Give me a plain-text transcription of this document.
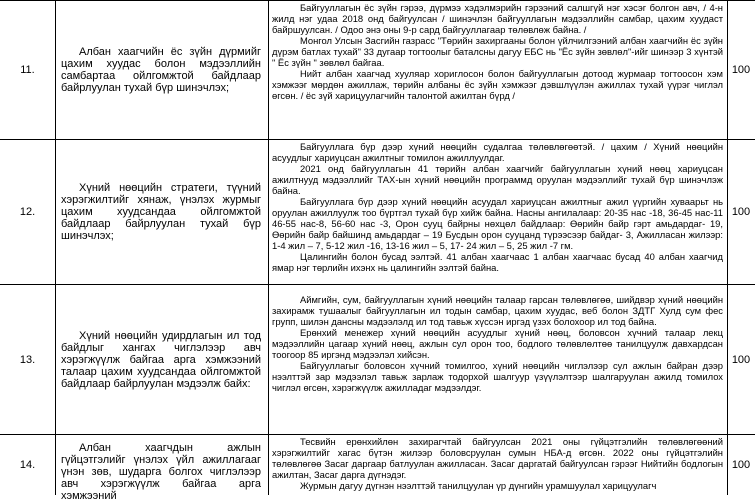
11.
Албан хаагчийн ёс зүйн дүрмийг цахим хуудас болон мэдээллийн самбартаа ойлгомжтой байдлаар байрлуулан тухай бүр шинэчлэх;

Байгууллагын ёс зүйн гэрээ, дүрмээ хэдэлмэрийн гэрээний салшгүй нэг хэсэг болгон авч, / 4-н жилд нэг удаа 2018 онд байгуулсан / шинэчлэн байгууллагын мэдээллийн самбар, цахим хуудаст байршуулсан. / Одоо энэ оны 9-р сард байгууллагаар төлөвлөж байна. /

Монгол Улсын Засгийн газрасс "Төрийн захиргааны болон үйлчилгээний албан хаагчийн ёс зүйн дүрэм батлах тухай" 33 дугаар тогтоолыг баталсны дагуу ЕБС нь "Ёс зүйн зөвлөл"-ийг шинээр 3 хүнтэй " Ёс зүйн " зөвлөл байгаа.

Нийт албан хаагчад хууляар хориглосон болон байгууллагын дотоод журмаар тогтоосон хэм хэмжээг мөрдөн ажиллаж, төрийн албаны ёс зүйн хэмжээг дэвшлүүлэн ажиллах тухай үүрэг чиглэл өгсөн. / ёс зүй харицуулагчийн талонтой ажилтан бүрд /

100
12.
Хүний нөөцийн стратеги, түүний хэрэгжилтийг хянаж, үнэлэх журмыг цахим хуудсандаа ойлгомжтой байдлаар байрлуулан тухай бүр шинэчлэх;

Байгууллага бүр дээр хүний нөөцийн судалгаа төлөвлөгөөтэй. / цахим / Хүний нөөцийн асуудлыг хариуцсан ажилтныг томилон ажиллуулдаг.

2021 онд байгууллагын 41 төрийн албан хаагчийг байгууллагын хүний нөөц хариуцсан ажилтнууд мэдээллийг ТАХ-ын хүний нөөцийн программд оруулан мэдээллийг тухай бүр шинэчлэж байна.

Байгууллага бүр дээр хүний нөөцийн асуудал хариуцсан ажилтныг ажил үүргийн хуваарьт нь оруулан ажиллуулж тоо бүртгэл тухай бүр хийж байна. Насны ангилалаар: 20-35 нас -18, 36-45 нас-11 46-55 нас-8, 56-60 нас -3, Орон сууц байрны нөхцөл байдлаар: Өөрийн байр гэрт амьдардаг- 19, Өөрийн байр байшинд амьдардаг – 19 Бусдын орон сууцанд түрээсээр байдаг- 3, Ажилласан жилээр: 1-4 жил – 7, 5-12 жил -16, 13-16 жил – 5, 17- 24 жил – 5, 25 жил -7 гм.

Цалингийн болон бусад ээлтэй. 41 албан хаагчаас 1 албан хаагчаас бусад 40 албан хаагчид ямар нэг төрлийн ихэнх нь цалингийн ээлтэй байна.

100
13.
Хүний нөөцийн удирдлагын ил тод байдлыг хангах чиглэлээр авч хэрэгжүүлж байгаа арга хэмжээний талаар цахим хуудсандаа ойлгомжтой байдлаар байрлуулан мэдээлж байх:

Аймгийн, сум, байгууллагын хүний нөөцийн талаар гарсан төлөвлөгөө, шийдвэр хүний нөөцийн захирамж тушаалыг байгууллагын ил тодын самбар, цахим хуудас, веб болон ЗДТГ Хулд сум фес групп, шилэн дансны мэдээлэлд ил тод тавьж хүссэн иргэд үзэх болохоор ил тод байна.

Ерөнхий менежер хүний нөөцийн асуудлыг хүний нөөц, боловсон хүчний талаар лекц мэдээллийн цагаар хүний нөөц, ажлын сул орон тоо, бодлого төлөвлөлтөө танилцуулж давхардсан тоогоор 85 иргэнд мэдээлэл хийсэн.

Байгууллагыг боловсон хүчний томилгоо, хүний нөөцийн чиглэлээр сул ажлын байран дээр нээлттэй зар мэдээлэл тавьж зарлаж тодорхой шалгуур үзүүлэлтээр шалгаруулан ажилд томилох чиглэл өгсөн, хэрэгжүүлж ажилладаг мэдээлдэг.

100
14.
Албан хаагчдын ажлын гүйцэтгэлийг үнэлэх үйл ажиллагааг үнэн зөв, шударга болгох чиглэлээр авч хэрэгжүүлж байгаа арга хэмжээний

Тесвийн ерөнхийлөн захирагчтай байгуулсан 2021 оны гүйцэтгэлийн төлөвлөгөөний хэрэгжилтийг хагас бүтэн жилээр боловсруулан сумын НБА-д өгсөн. 2022 оны гүйцэтгэлийн төлөвлөгөө Засаг даргаар батлуулан ажилласан. Засаг даргатай байгуулсан гэрээг Нийтийн бодлогын ажилтан, Засаг дарга дүгнэдэг.

Журмын дагуу дүгнэн нээлттэй танилцуулан үр дүнгийн урамшуулал харицуулагч

100
